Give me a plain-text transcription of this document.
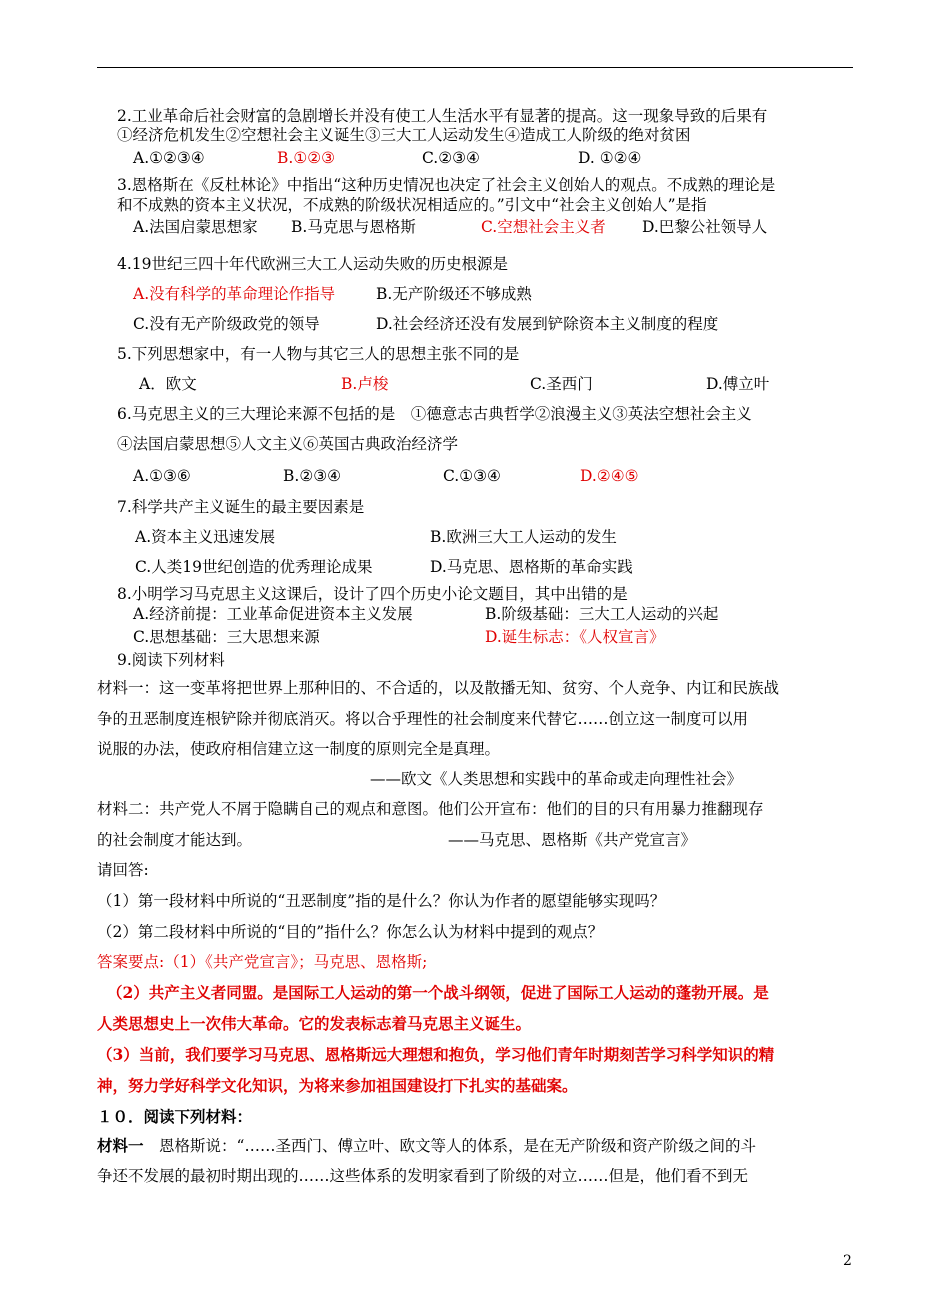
2.工业革命后社会财富的急剧增长并没有使工人生活水平有显著的提高。这一现象导致的后果有
①经济危机发生②空想社会主义诞生③三大工人运动发生④造成工人阶级的绝对贫困
A.①②③④	B.①②③	C.②③④	D. ①②④
3.恩格斯在《反杜林论》中指出“这种历史情况也决定了社会主义创始人的观点。不成熟的理论是
和不成熟的资本主义状况，不成熟的阶级状况相适应的。”引文中“社会主义创始人”是指
A.法国启蒙思想家 B.马克思与恩格斯	C.空想社会主义者 D.巴黎公社领导人
4.19世纪三四十年代欧洲三大工人运动失败的历史根源是
A.没有科学的革命理论作指导	B.无产阶级还不够成熟
C.没有无产阶级政党的领导	D.社会经济还没有发展到铲除资本主义制度的程度
5.下列思想家中，有一人物与其它三人的思想主张不同的是
A．欧文	B.卢梭	C.圣西门	D.傅立叶
6.马克思主义的三大理论来源不包括的是　①德意志古典哲学②浪漫主义③英法空想社会主义
④法国启蒙思想⑤人文主义⑥英国古典政治经济学
A.①③⑥	B.②③④	C.①③④	D.②④⑤
7.科学共产主义诞生的最主要因素是
A.资本主义迅速发展	B.欧洲三大工人运动的发生
C.人类19世纪创造的优秀理论成果	D.马克思、恩格斯的革命实践
8.小明学习马克思主义这课后，设计了四个历史小论文题目，其中出错的是
A.经济前提：工业革命促进资本主义发展	B.阶级基础：三大工人运动的兴起
C.思想基础：三大思想来源	D.诞生标志：《人权宣言》
9.阅读下列材料
材料一：这一变革将把世界上那种旧的、不合适的，以及散播无知、贫穷、个人竞争、内讧和民族战
争的丑恶制度连根铲除并彻底消灭。将以合乎理性的社会制度来代替它……创立这一制度可以用
说服的办法，使政府相信建立这一制度的原则完全是真理。
——欧文《人类思想和实践中的革命或走向理性社会》
材料二：共产党人不屑于隐瞒自己的观点和意图。他们公开宣布：他们的目的只有用暴力推翻现存
的社会制度才能达到。	——马克思、恩格斯《共产党宣言》
请回答:
（1）第一段材料中所说的“丑恶制度”指的是什么？你认为作者的愿望能够实现吗？
（2）第二段材料中所说的“目的”指什么？你怎么认为材料中提到的观点？
答案要点:（1）《共产党宣言》；马克思、恩格斯;
（2）共产主义者同盟。是国际工人运动的第一个战斗纲领，促进了国际工人运动的蓬勃开展。是
人类思想史上一次伟大革命。它的发表标志着马克思主义诞生。
（3）当前，我们要学习马克思、恩格斯远大理想和抱负，学习他们青年时期刻苦学习科学知识的精
神，努力学好科学文化知识，为将来参加祖国建设打下扎实的基础案。
１０．阅读下列材料：
材料一　恩格斯说：“……圣西门、傅立叶、欧文等人的体系，是在无产阶级和资产阶级之间的斗
争还不发展的最初时期出现的……这些体系的发明家看到了阶级的对立……但是，他们看不到无
2
